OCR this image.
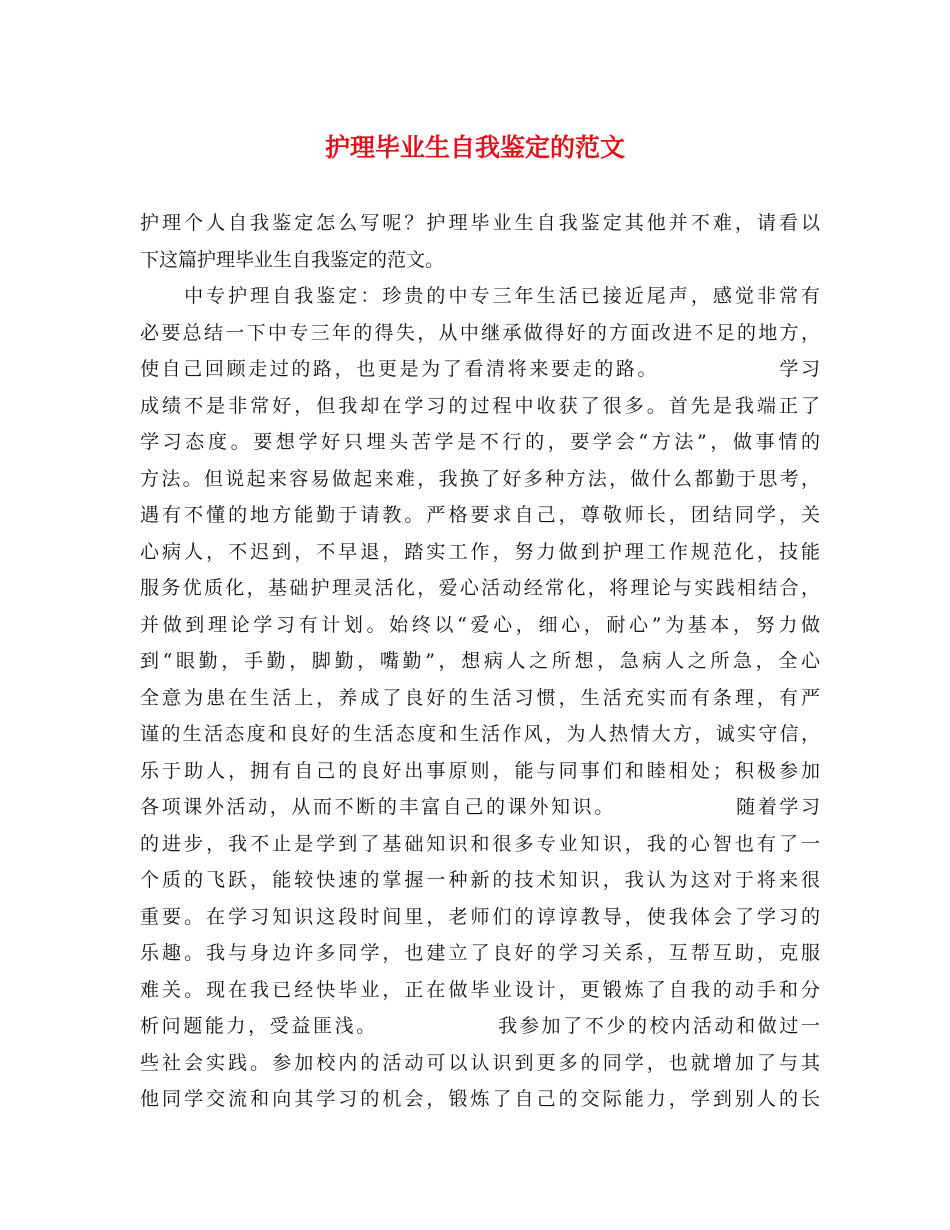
护理毕业生自我鉴定的范文
护理个人自我鉴定怎么写呢？护理毕业生自我鉴定其他并不难，请看以
下这篇护理毕业生自我鉴定的范文。
　　中专护理自我鉴定：珍贵的中专三年生活已接近尾声，感觉非常有
必要总结一下中专三年的得失，从中继承做得好的方面改进不足的地方，
使自己回顾走过的路，也更是为了看清将来要走的路。　　　　　　学习
成绩不是非常好，但我却在学习的过程中收获了很多。首先是我端正了
学习态度。要想学好只埋头苦学是不行的，要学会“方法”，做事情的
方法。但说起来容易做起来难，我换了好多种方法，做什么都勤于思考，
遇有不懂的地方能勤于请教。严格要求自己，尊敬师长，团结同学，关
心病人，不迟到，不早退，踏实工作，努力做到护理工作规范化，技能
服务优质化，基础护理灵活化，爱心活动经常化，将理论与实践相结合，
并做到理论学习有计划。始终以“爱心，细心，耐心”为基本，努力做
到“眼勤，手勤，脚勤，嘴勤”，想病人之所想，急病人之所急，全心
全意为患在生活上，养成了良好的生活习惯，生活充实而有条理，有严
谨的生活态度和良好的生活态度和生活作风，为人热情大方，诚实守信，
乐于助人，拥有自己的良好出事原则，能与同事们和睦相处；积极参加
各项课外活动，从而不断的丰富自己的课外知识。　　　　　　随着学习
的进步，我不止是学到了基础知识和很多专业知识，我的心智也有了一
个质的飞跃，能较快速的掌握一种新的技术知识，我认为这对于将来很
重要。在学习知识这段时间里，老师们的谆谆教导，使我体会了学习的
乐趣。我与身边许多同学，也建立了良好的学习关系，互帮互助，克服
难关。现在我已经快毕业，正在做毕业设计，更锻炼了自我的动手和分
析问题能力，受益匪浅。　　　　　　我参加了不少的校内活动和做过一
些社会实践。参加校内的活动可以认识到更多的同学，也就增加了与其
他同学交流和向其学习的机会，锻炼了自己的交际能力，学到别人的长
